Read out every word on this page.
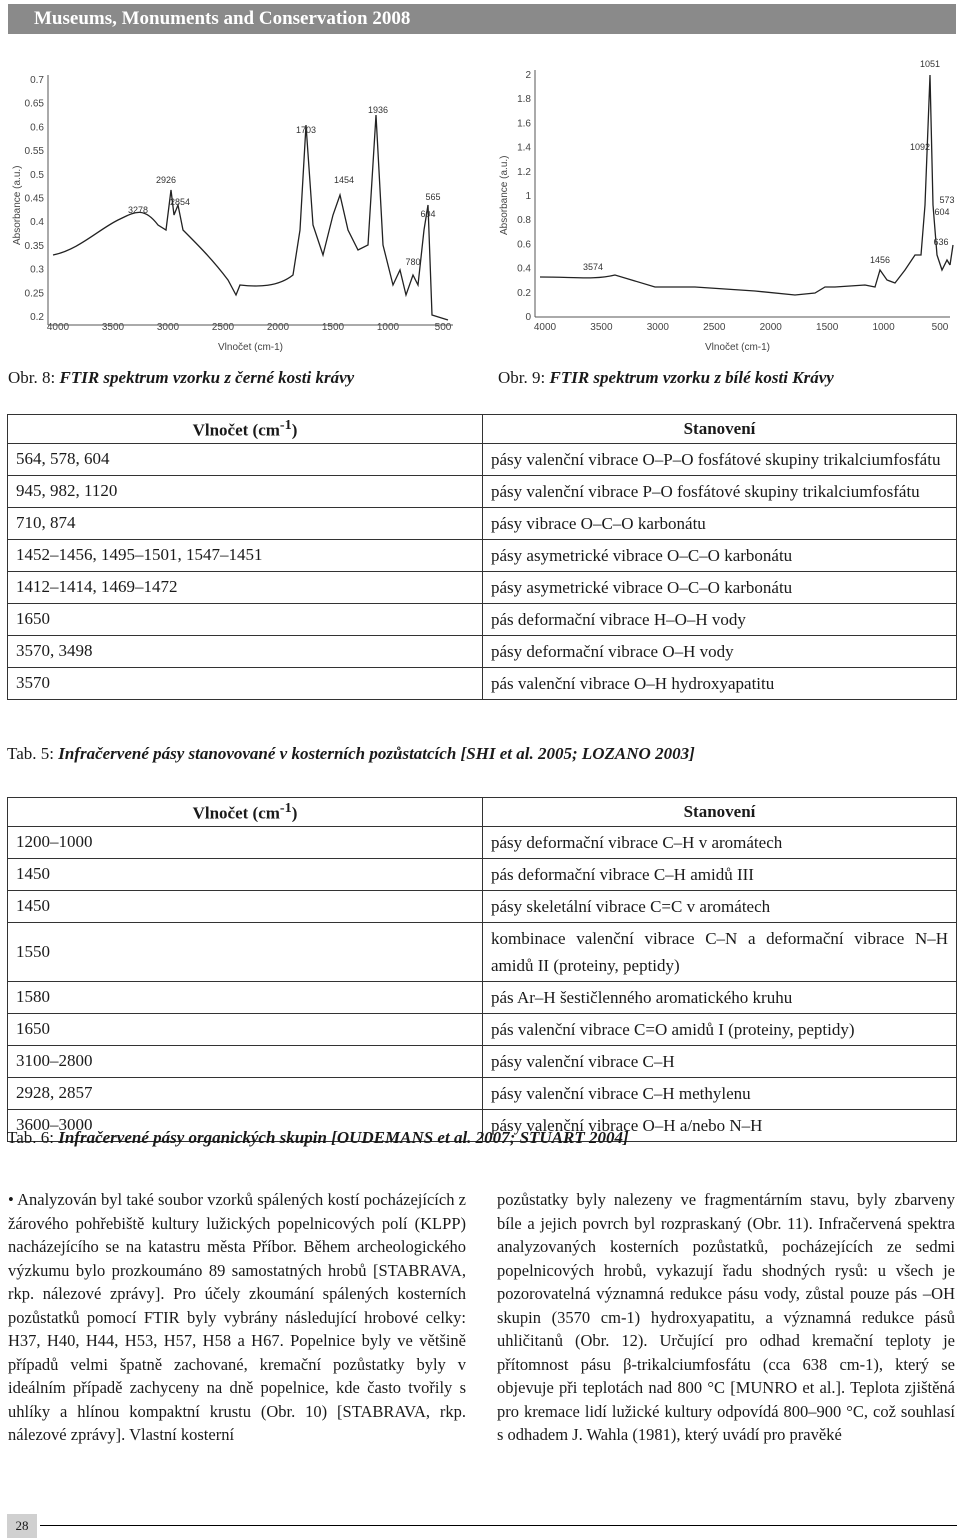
Museums, Monuments and Conservation 2008
0.7
0.65
0.6
0.55
0.5
0.45
0.4
0.35
0.3
0.25
0.2
4000	3500	3000	2500	2000	1500	1000	500
Absorbance (a.u.)
Vlnočet (cm-1)
3278
2926
2854
1703
1454
1936
780
565
604
2
1.8
1.6
1.4
1.2
1
0.8
0.6
0.4
0.2
0
4000	3500	3000	2500	2000	1500	1000	500
Absorbance (a.u.)
Vlnočet (cm-1)
1051
1092
3574
1456
573
604
636
Obr. 8: FTIR spektrum vzorku z černé kosti krávy	Obr. 9: FTIR spektrum vzorku z bílé kosti Krávy
Vlnočet $(cm^{-1})$	Stanovení
564, 578, 604	pásy valenční vibrace O–P–O fosfátové skupiny trikalciumfosfátu
945, 982, 1120	pásy valenční vibrace P–O fosfátové skupiny trikalciumfosfátu
710, 874	pásy vibrace O–C–O karbonátu
1452–1456, 1495–1501, 1547–1451	pásy asymetrické vibrace O–C–O karbonátu
1412–1414, 1469–1472	pásy asymetrické vibrace O–C–O karbonátu
1650	pás deformační vibrace H–O–H vody
3570, 3498	pásy deformační vibrace O–H vody
3570	pás valenční vibrace O–H hydroxyapatitu
Tab. 5: Infračervené pásy stanovované v kosterních pozůstatcích [SHI et al. 2005; LOZANO 2003]
Vlnočet $(cm^{-1})$	Stanovení
1200–1000	pásy deformační vibrace C–H v aromátech
1450	pás deformační vibrace C–H amidů III
1450	pásy skeletální vibrace C=C v aromátech
1550	kombinace valenční vibrace C–N a deformační vibrace N–H amidů II (proteiny, peptidy)
1580	pás Ar–H šestičlenného aromatického kruhu
1650	pás valenční vibrace C=O amidů I (proteiny, peptidy)
3100–2800	pásy valenční vibrace C–H
2928, 2857	pásy valenční vibrace C–H methylenu
3600–3000	pásy valenční vibrace O–H a/nebo N–H
Tab. 6: Infračervené pásy organických skupin [OUDEMANS et al. 2007; STUART 2004]
• Analyzován byl také soubor vzorků spálených kostí pocházejících z žárového pohřebiště kultury lužických popelnicových polí (KLPP) nacházejícího se na katastru města Příbor. Během archeologického výzkumu bylo prozkoumáno 89 samostatných hrobů [STABRAVA, rkp. nálezové zprávy]. Pro účely zkoumání spálených kosterních pozůstatků pomocí FTIR byly vybrány následující hrobové celky: H37, H40, H44, H53, H57, H58 a H67. Popelnice byly ve většině případů velmi špatně zachované, kremační pozůstatky byly v ideálním případě zachyceny na dně popelnice, kde často tvořily s uhlíky a hlínou kompaktní krustu (Obr. 10) [STABRAVA, rkp. nálezové zprávy]. Vlastní kosterní
pozůstatky byly nalezeny ve fragmentárním stavu, byly zbarveny bíle a jejich povrch byl rozpraskaný (Obr. 11). Infračervená spektra analyzovaných kosterních pozůstatků, pocházejících ze sedmi popelnicových hrobů, vykazují řadu shodných rysů: u všech je pozorovatelná významná redukce pásu vody, zůstal pouze pás –OH skupin (3570 cm-1) hydroxyapatitu, a významná redukce pásů uhličitanů (Obr. 12). Určující pro odhad kremační teploty je přítomnost pásu β-trikalciumfosfátu (cca 638 cm-1), který se objevuje při teplotách nad 800 °C [MUNRO et al.]. Teplota zjištěná pro kremace lidí lužické kultury odpovídá 800–900 °C, což souhlasí s odhadem J. Wahla (1981), který uvádí pro pravěké
28
